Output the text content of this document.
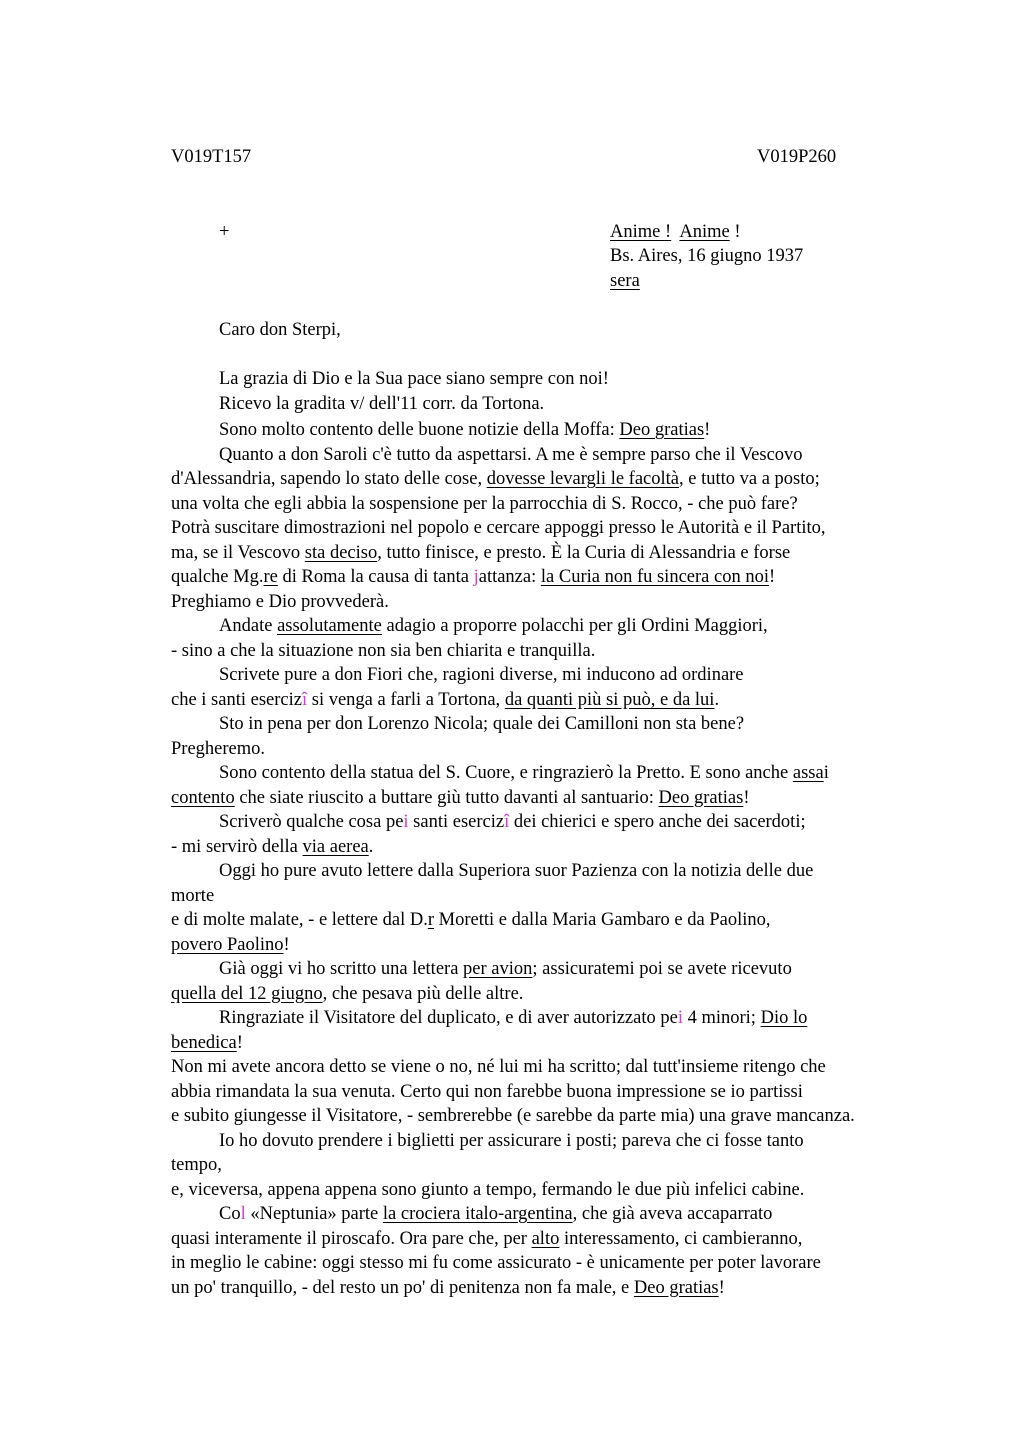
V019T157	V019P260
+	Anime ! Anime !
Bs. Aires, 16 giugno 1937
sera
Caro don Sterpi,
La grazia di Dio e la Sua pace siano sempre con noi!
Ricevo la gradita v/ dell'11 corr. da Tortona.
Sono molto contento delle buone notizie della Moffa: Deo gratias!
Quanto a don Saroli c'è tutto da aspettarsi. A me è sempre parso che il Vescovo
d'Alessandria, sapendo lo stato delle cose, dovesse levargli le facoltà, e tutto va a posto;
una volta che egli abbia la sospensione per la parrocchia di S. Rocco, - che può fare?
Potrà suscitare dimostrazioni nel popolo e cercare appoggi presso le Autorità e il Partito,
ma, se il Vescovo sta deciso, tutto finisce, e presto. È la Curia di Alessandria e forse
qualche Mg.re di Roma la causa di tanta jattanza: la Curia non fu sincera con noi!
Preghiamo e Dio provvederà.
Andate assolutamente adagio a proporre polacchi per gli Ordini Maggiori,
- sino a che la situazione non sia ben chiarita e tranquilla.
Scrivete pure a don Fiori che, ragioni diverse, mi inducono ad ordinare
che i santi esercizî si venga a farli a Tortona, da quanti più si può, e da lui.
Sto in pena per don Lorenzo Nicola; quale dei Camilloni non sta bene?
Pregheremo.
Sono contento della statua del S. Cuore, e ringrazierò la Pretto. E sono anche assai
contento che siate riuscito a buttare giù tutto davanti al santuario: Deo gratias!
Scriverò qualche cosa pei santi esercizî dei chierici e spero anche dei sacerdoti;
- mi servirò della via aerea.
Oggi ho pure avuto lettere dalla Superiora suor Pazienza con la notizia delle due
morte
e di molte malate, - e lettere dal D.r Moretti e dalla Maria Gambaro e da Paolino,
povero Paolino!
Già oggi vi ho scritto una lettera per avion; assicuratemi poi se avete ricevuto
quella del 12 giugno, che pesava più delle altre.
Ringraziate il Visitatore del duplicato, e di aver autorizzato pei 4 minori; Dio lo
benedica!
Non mi avete ancora detto se viene o no, né lui mi ha scritto; dal tutt'insieme ritengo che
abbia rimandata la sua venuta. Certo qui non farebbe buona impressione se io partissi
e subito giungesse il Visitatore, - sembrerebbe (e sarebbe da parte mia) una grave mancanza.
Io ho dovuto prendere i biglietti per assicurare i posti; pareva che ci fosse tanto
tempo,
e, viceversa, appena appena sono giunto a tempo, fermando le due più infelici cabine.
Col «Neptunia» parte la crociera italo-argentina, che già aveva accaparrato
quasi interamente il piroscafo. Ora pare che, per alto interessamento, ci cambieranno,
in meglio le cabine: oggi stesso mi fu come assicurato - è unicamente per poter lavorare
un po' tranquillo, - del resto un po' di penitenza non fa male, e Deo gratias!
